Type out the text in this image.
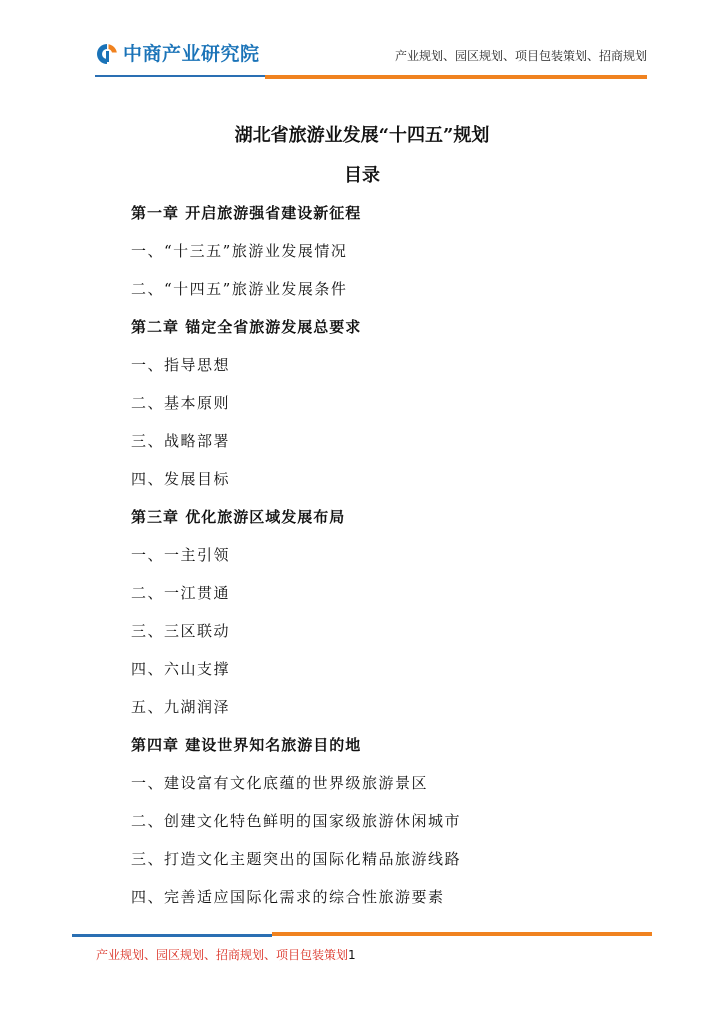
中商产业研究院	产业规划、园区规划、项目包装策划、招商规划
湖北省旅游业发展“十四五”规划
目录
第一章 开启旅游强省建设新征程
一、“十三五”旅游业发展情况
二、“十四五”旅游业发展条件
第二章 锚定全省旅游发展总要求
一、指导思想
二、基本原则
三、战略部署
四、发展目标
第三章 优化旅游区域发展布局
一、一主引领
二、一江贯通
三、三区联动
四、六山支撑
五、九湖润泽
第四章 建设世界知名旅游目的地
一、建设富有文化底蕴的世界级旅游景区
二、创建文化特色鲜明的国家级旅游休闲城市
三、打造文化主题突出的国际化精品旅游线路
四、完善适应国际化需求的综合性旅游要素
产业规划、园区规划、招商规划、项目包装策划1
